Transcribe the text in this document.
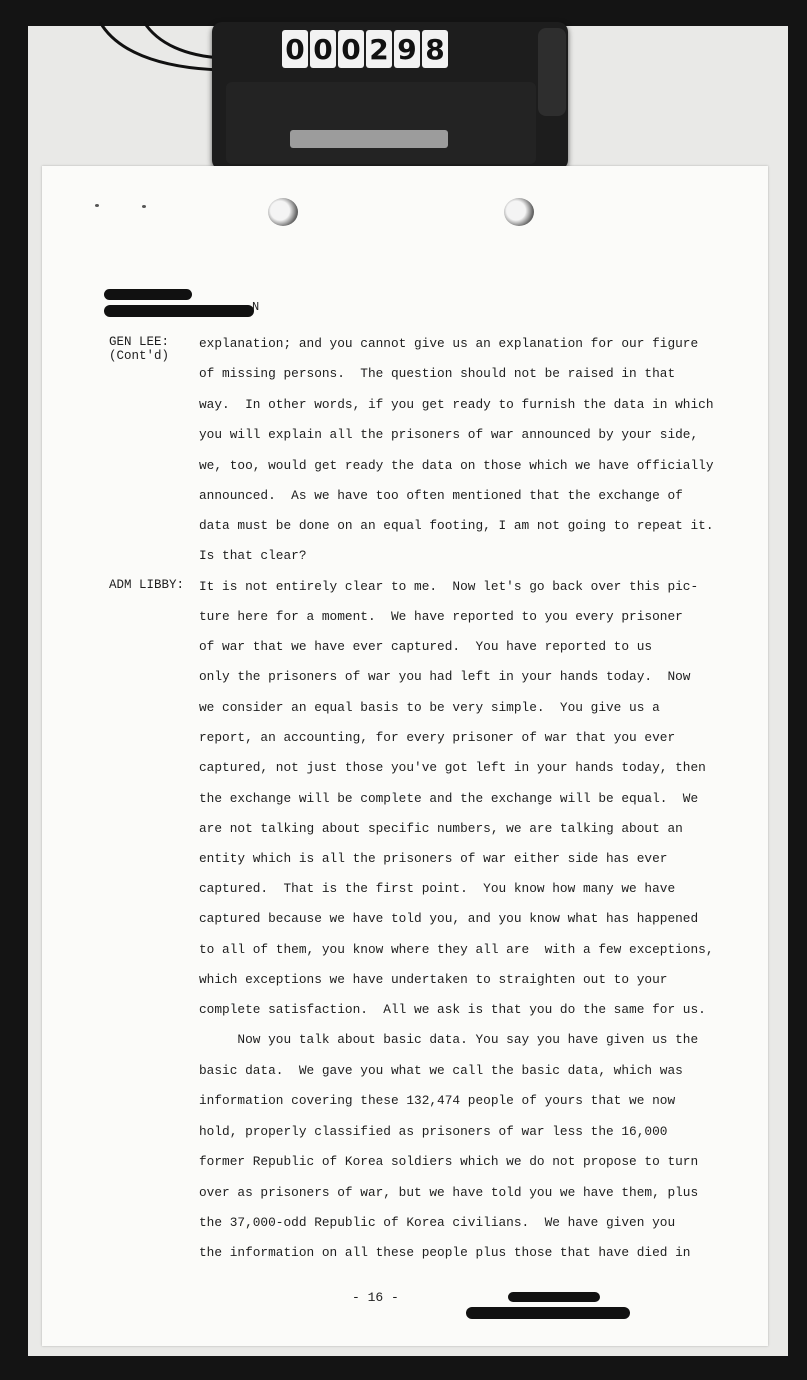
0 0 0 2 9 8
N
GEN LEE:
(Cont'd)
ADM LIBBY:
explanation; and you cannot give us an explanation for our figure
of missing persons.  The question should not be raised in that
way.  In other words, if you get ready to furnish the data in which
you will explain all the prisoners of war announced by your side,
we, too, would get ready the data on those which we have officially
announced.  As we have too often mentioned that the exchange of
data must be done on an equal footing, I am not going to repeat it.
Is that clear?
It is not entirely clear to me.  Now let's go back over this pic-
ture here for a moment.  We have reported to you every prisoner
of war that we have ever captured.  You have reported to us
only the prisoners of war you had left in your hands today.  Now
we consider an equal basis to be very simple.  You give us a
report, an accounting, for every prisoner of war that you ever
captured, not just those you've got left in your hands today, then
the exchange will be complete and the exchange will be equal.  We
are not talking about specific numbers, we are talking about an
entity which is all the prisoners of war either side has ever
captured.  That is the first point.  You know how many we have
captured because we have told you, and you know what has happened
to all of them, you know where they all are  with a few exceptions,
which exceptions we have undertaken to straighten out to your
complete satisfaction.  All we ask is that you do the same for us.
Now you talk about basic data. You say you have given us the
basic data.  We gave you what we call the basic data, which was
information covering these 132,474 people of yours that we now
hold, properly classified as prisoners of war less the 16,000
former Republic of Korea soldiers which we do not propose to turn
over as prisoners of war, but we have told you we have them, plus
the 37,000-odd Republic of Korea civilians.  We have given you
the information on all these people plus those that have died in
- 16 -
